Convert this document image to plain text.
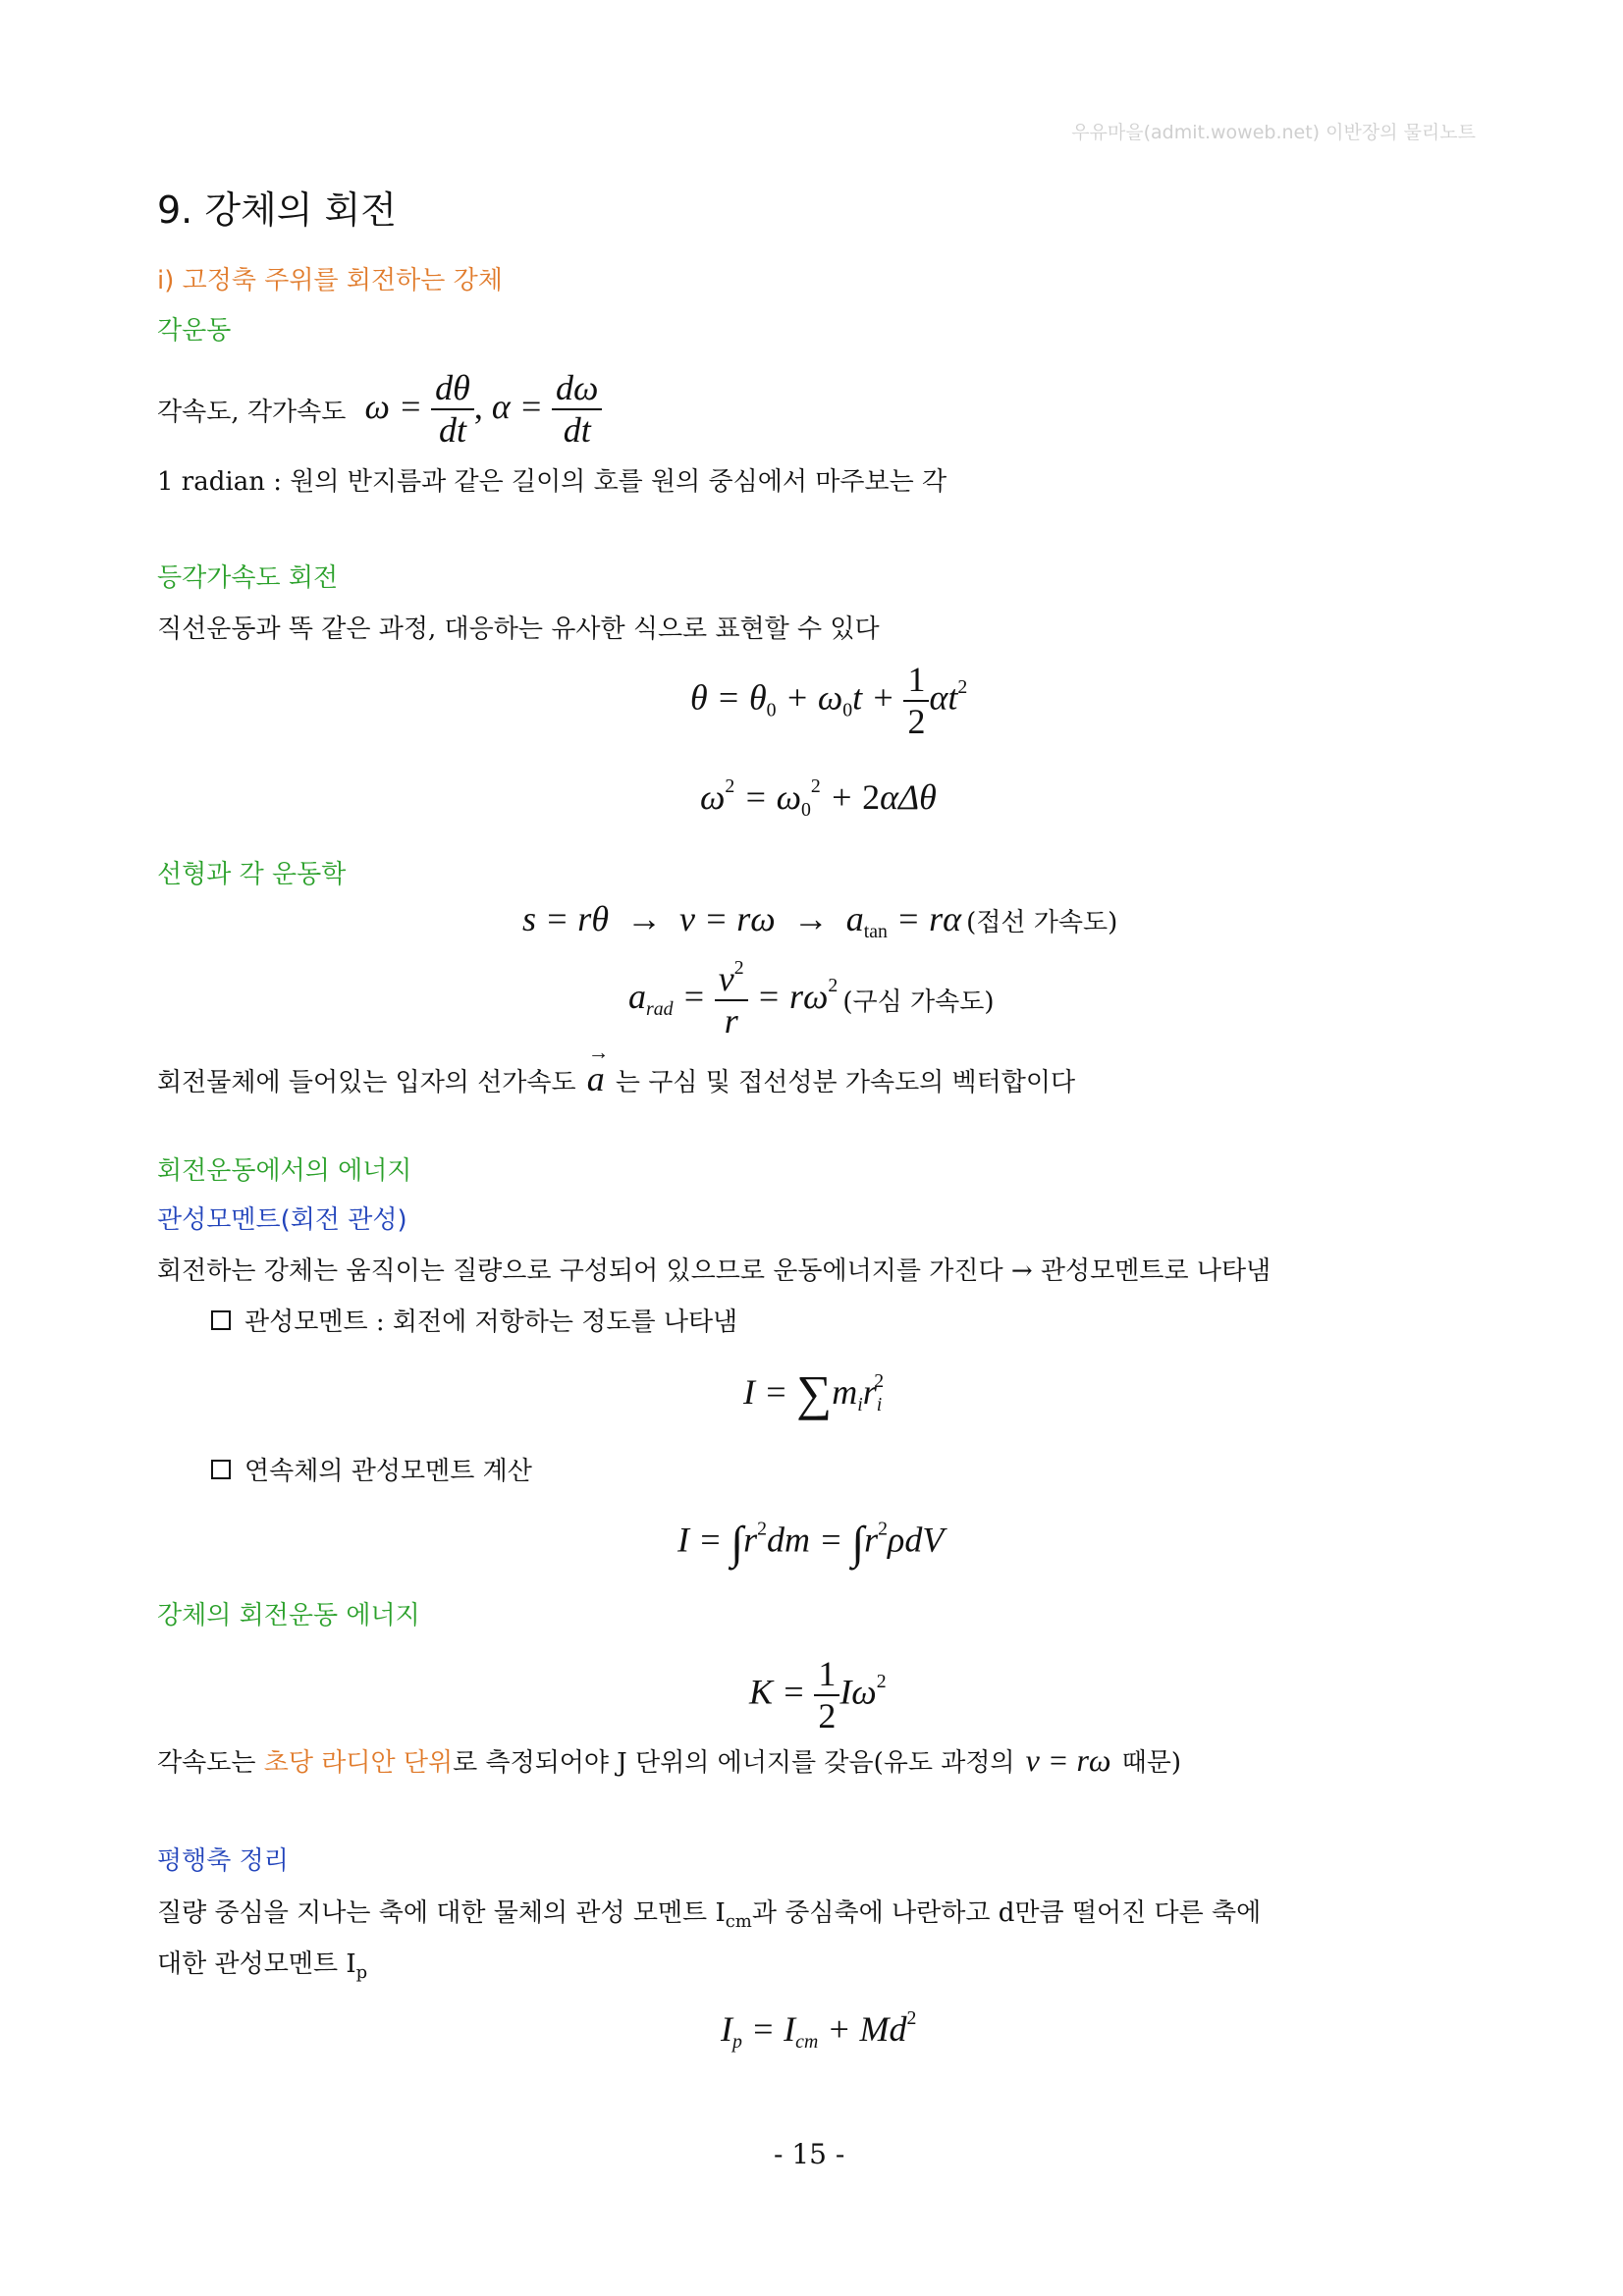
우유마을(admit.woweb.net) 이반장의 물리노트
9. 강체의 회전
i) 고정축 주위를 회전하는 강체
각운동
각속도, 각가속도 $\omega = \frac{d\theta}{dt}$ , $\alpha = \frac{d\omega}{dt}$
1 radian : 원의 반지름과 같은 길이의 호를 원의 중심에서 마주보는 각
등각가속도 회전
직선운동과 똑 같은 과정, 대응하는 유사한 식으로 표현할 수 있다
$\theta = \theta_0 + \omega_0t + \frac{1}{2} \alpha t^2$
$\omega^2 = \omega_0^2 + 2\alpha\Delta\theta$
선형과 각 운동학
$s = r\theta \to v = r\omega \to a_{tan} = r\alpha$ (접선 가속도)
arad = $\frac{v^2}{r} = r\omega^2$ (구심 가속도)
회전물체에 들어있는 입자의 선가속도 → a 는 구심 및 접선성분 가속도의 벡터합이다
회전운동에서의 에너지
관성모멘트(회전 관성)
회전하는 강체는 움직이는 질량으로 구성되어 있으므로 운동에너지를 가진다 → 관성모멘트로 나타냄
관성모멘트 : 회전에 저항하는 정도를 나타냄
I = ∑miri$^2$
연속체의 관성모멘트 계산
$I = \int r^2dm = \int r^2\rho dV$
강체의 회전운동 에너지
$K = \frac{1}{2} I\omega^2$
각속도는 초당 라디안 단위로 측정되어야 J 단위의 에너지를 갖음(유도 과정의 v = rω 때문)
평행축 정리
질량 중심을 지나는 축에 대한 물체의 관성 모멘트 $I_{cm}$과 중심축에 나란하고 d만큼 떨어진 다른 축에
대한 관성모멘트 $I_p$
Ip = Icm + $Md^2$
- 15 -
